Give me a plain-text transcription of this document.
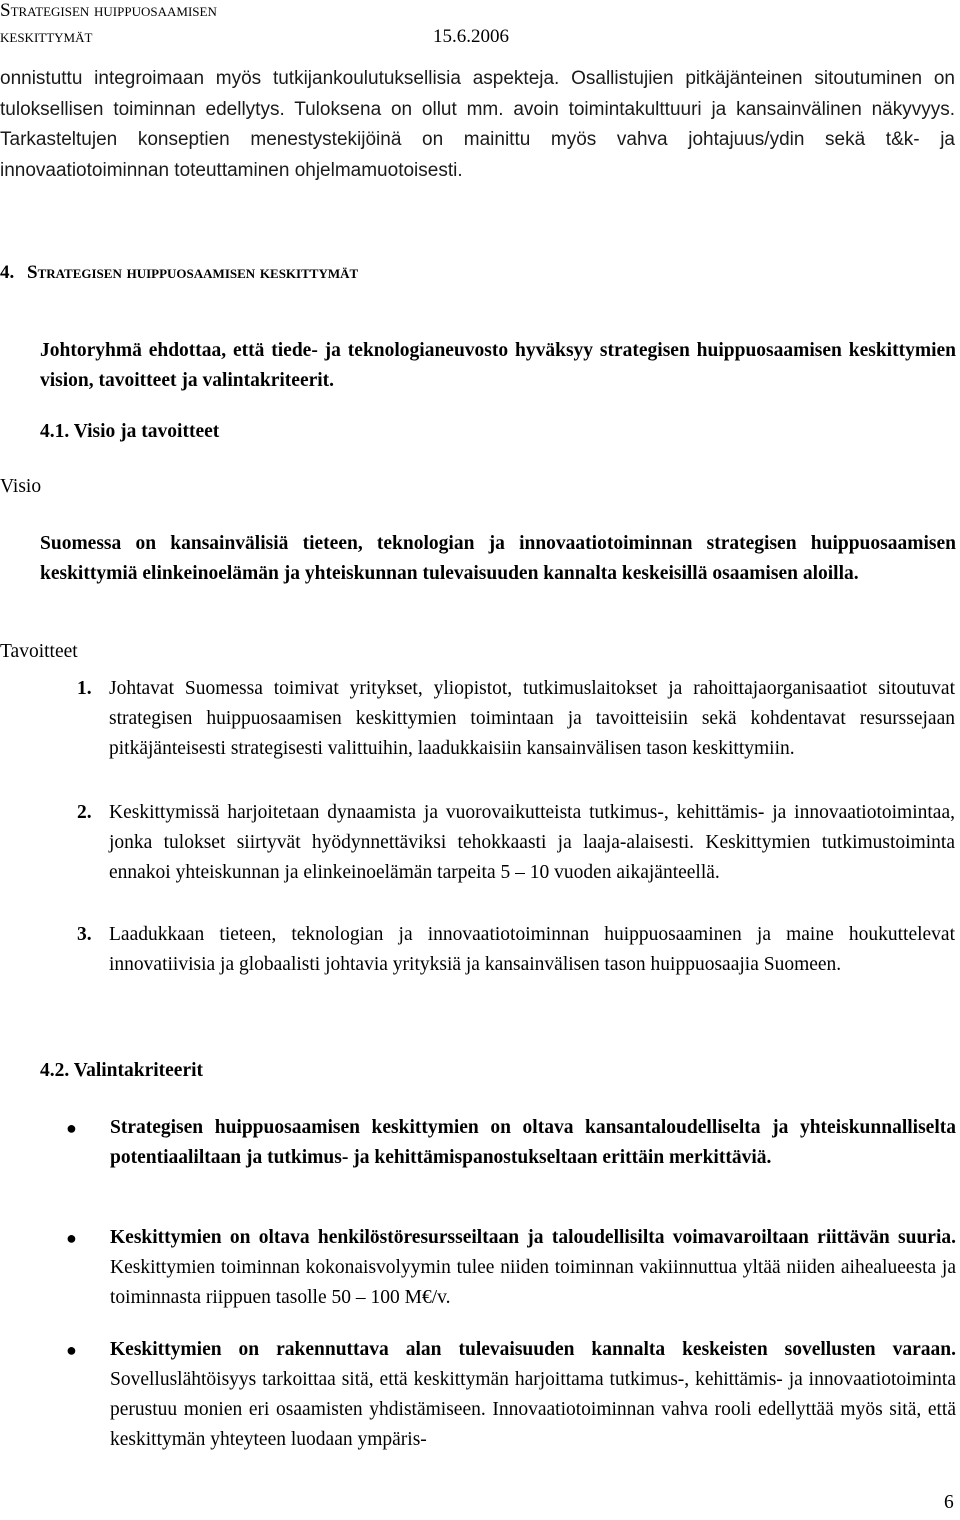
Strategisen huippuosaamisen
keskittymät	15.6.2006
onnistuttu integroimaan myös tutkijankoulutuksellisia aspekteja. Osallistujien pitkäjänteinen sitoutuminen on tuloksellisen toiminnan edellytys. Tuloksena on ollut mm. avoin toimintakulttuuri ja kansainvälinen näkyvyys. Tarkasteltujen konseptien menestystekijöinä on mainittu myös vahva johtajuus/ydin sekä t&k- ja innovaatiotoiminnan toteuttaminen ohjelmamuotoisesti.
4. Strategisen huippuosaamisen keskittymät
Johtoryhmä ehdottaa, että tiede- ja teknologianeuvosto hyväksyy strategisen huippuosaamisen keskittymien vision, tavoitteet ja valintakriteerit.
4.1. Visio ja tavoitteet
Visio
Suomessa on kansainvälisiä tieteen, teknologian ja innovaatiotoiminnan strategisen huippuosaamisen keskittymiä elinkeinoelämän ja yhteiskunnan tulevaisuuden kannalta keskeisillä osaamisen aloilla.
Tavoitteet
1. Johtavat Suomessa toimivat yritykset, yliopistot, tutkimuslaitokset ja rahoittajaorganisaatiot sitoutuvat strategisen huippuosaamisen keskittymien toimintaan ja tavoitteisiin sekä kohdentavat resurssejaan pitkäjänteisesti strategisesti valittuihin, laadukkaisiin kansainvälisen tason keskittymiin.
2. Keskittymissä harjoitetaan dynaamista ja vuorovaikutteista tutkimus-, kehittämis- ja innovaatiotoimintaa, jonka tulokset siirtyvät hyödynnettäviksi tehokkaasti ja laaja-alaisesti. Keskittymien tutkimustoiminta ennakoi yhteiskunnan ja elinkeinoelämän tarpeita 5 – 10 vuoden aikajänteellä.
3. Laadukkaan tieteen, teknologian ja innovaatiotoiminnan huippuosaaminen ja maine houkuttelevat innovatiivisia ja globaalisti johtavia yrityksiä ja kansainvälisen tason huippuosaajia Suomeen.
4.2. Valintakriteerit
● Strategisen huippuosaamisen keskittymien on oltava kansantaloudelliselta ja yhteiskunnalliselta potentiaaliltaan ja tutkimus- ja kehittämispanostukseltaan erittäin merkittäviä.
● Keskittymien on oltava henkilöstöresursseiltaan ja taloudellisilta voimavaroiltaan riittävän suuria. Keskittymien toiminnan kokonaisvolyymin tulee niiden toiminnan vakiinnuttua yltää niiden aihealueesta ja toiminnasta riippuen tasolle 50 – 100 M€/v.
● Keskittymien on rakennuttava alan tulevaisuuden kannalta keskeisten sovellusten varaan. Sovelluslähtöisyys tarkoittaa sitä, että keskittymän harjoittama tutkimus-, kehittämis- ja innovaatiotoiminta perustuu monien eri osaamisten yhdistämiseen. Innovaatiotoiminnan vahva rooli edellyttää myös sitä, että keskittymän yhteyteen luodaan ympäris-
6
